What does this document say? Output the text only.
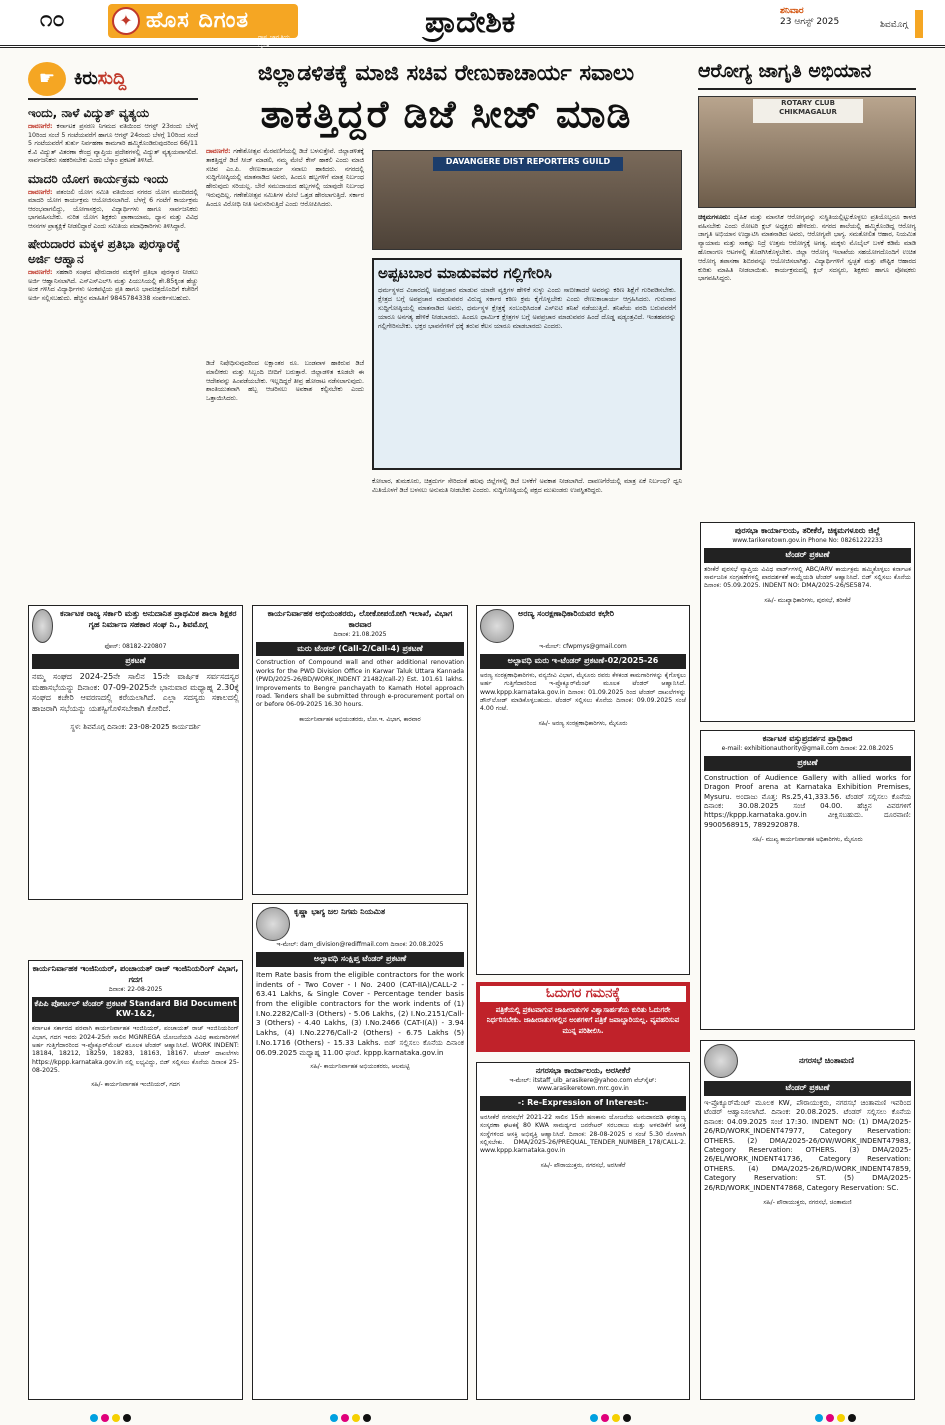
೧೦	✦ ಹೊಸ ದಿಗಂತ
ರಾಷ್ಟ್ರ ಜಾಗೃತಿಯ ದೈನಿಕ
ಪ್ರಾದೇಶಿಕ	ಶನಿವಾರ
23 ಆಗಸ್ಟ್ 2025	ಶಿವಮೊಗ್ಗ
☛	ಕಿರುಸುದ್ದಿ
ಇಂದು, ನಾಳೆ ವಿದ್ಯುತ್ ವ್ಯತ್ಯಯ
ದಾವಣಗೆರೆ: ಕರ್ನಾಟಕ ಪ್ರಸರಣ ನಿಗಮದ ವತಿಯಿಂದ ಆಗಸ್ಟ್ 23ರಂದು ಬೆಳಗ್ಗೆ 10ರಿಂದ ಸಂಜೆ 5 ಗಂಟೆಯವರೆಗೆ ಹಾಗೂ ಆಗಸ್ಟ್ 24ರಂದು ಬೆಳಗ್ಗೆ 10ರಿಂದ ಸಂಜೆ 5 ಗಂಟೆಯವರೆಗೆ ತುರ್ತು ನಿರ್ವಹಣಾ ಕಾಮಗಾರಿ ಹಮ್ಮಿಕೊಂಡಿರುವುದರಿಂದ 66/11 ಕೆ.ವಿ ವಿದ್ಯುತ್ ವಿತರಣಾ ಕೇಂದ್ರ ವ್ಯಾಪ್ತಿಯ ಪ್ರದೇಶಗಳಲ್ಲಿ ವಿದ್ಯುತ್ ವ್ಯತ್ಯಯವಾಗಲಿದೆ. ಸಾರ್ವಜನಿಕರು ಸಹಕರಿಸಬೇಕು ಎಂದು ಬೆಸ್ಕಾಂ ಪ್ರಕಟಣೆ ತಿಳಿಸಿದೆ.
ಮಾದರಿ ಯೋಗ ಕಾರ್ಯಕ್ರಮ ಇಂದು
ದಾವಣಗೆರೆ: ಪತಂಜಲಿ ಯೋಗ ಸಮಿತಿ ವತಿಯಿಂದ ನಗರದ ಯೋಗ ಮಂದಿರದಲ್ಲಿ ಮಾದರಿ ಯೋಗ ಕಾರ್ಯಕ್ರಮ ಆಯೋಜಿಸಲಾಗಿದೆ. ಬೆಳಗ್ಗೆ 6 ಗಂಟೆಗೆ ಕಾರ್ಯಕ್ರಮ ಆರಂಭವಾಗಲಿದ್ದು, ಯೋಗಾಸಕ್ತರು, ವಿದ್ಯಾರ್ಥಿಗಳು ಹಾಗೂ ಸಾರ್ವಜನಿಕರು ಭಾಗವಹಿಸಬೇಕು. ನುರಿತ ಯೋಗ ಶಿಕ್ಷಕರು ಪ್ರಾಣಾಯಾಮ, ಧ್ಯಾನ ಮತ್ತು ವಿವಿಧ ಆಸನಗಳ ಪ್ರಾತ್ಯಕ್ಷಿಕೆ ನೀಡಲಿದ್ದಾರೆ ಎಂದು ಸಮಿತಿಯ ಪದಾಧಿಕಾರಿಗಳು ತಿಳಿಸಿದ್ದಾರೆ.
ಷೇರುದಾರರ ಮಕ್ಕಳ ಪ್ರತಿಭಾ ಪುರಸ್ಕಾರಕ್ಕೆ ಅರ್ಜಿ ಆಹ್ವಾನ
ದಾವಣಗೆರೆ: ಸಹಕಾರಿ ಸಂಘದ ಷೇರುದಾರರ ಮಕ್ಕಳಿಗೆ ಪ್ರತಿಭಾ ಪುರಸ್ಕಾರ ನೀಡಲು ಅರ್ಜಿ ಆಹ್ವಾನಿಸಲಾಗಿದೆ. ಎಸ್‌ಎಸ್‌ಎಲ್‌ಸಿ ಮತ್ತು ಪಿಯುಸಿಯಲ್ಲಿ ಶೇ.85ಕ್ಕಿಂತ ಹೆಚ್ಚು ಅಂಕ ಗಳಿಸಿದ ವಿದ್ಯಾರ್ಥಿಗಳು ಅಂಕಪಟ್ಟಿಯ ಪ್ರತಿ ಹಾಗೂ ಭಾವಚಿತ್ರದೊಂದಿಗೆ ಕಚೇರಿಗೆ ಅರ್ಜಿ ಸಲ್ಲಿಸಬಹುದು. ಹೆಚ್ಚಿನ ಮಾಹಿತಿಗೆ 9845784338 ಸಂಪರ್ಕಿಸಬಹುದು.
ಜಿಲ್ಲಾಡಳಿತಕ್ಕೆ ಮಾಜಿ ಸಚಿವ ರೇಣುಕಾಚಾರ್ಯ ಸವಾಲು
ತಾಕತ್ತಿದ್ದರೆ ಡಿಜೆ ಸೀಜ್ ಮಾಡಿ
ದಾವಣಗೆರೆ: ಗಣೇಶೋತ್ಸವ ಮೆರವಣಿಗೆಯಲ್ಲಿ ಡಿಜೆ ಬಳಸುತ್ತೇವೆ. ಜಿಲ್ಲಾಡಳಿತಕ್ಕೆ ತಾಕತ್ತಿದ್ದರೆ ಡಿಜೆ ಸೀಜ್ ಮಾಡಲಿ, ನಮ್ಮ ಮೇಲೆ ಕೇಸ್ ಹಾಕಲಿ ಎಂದು ಮಾಜಿ ಸಚಿವ ಎಂ.ಪಿ. ರೇಣುಕಾಚಾರ್ಯ ಸವಾಲು ಹಾಕಿದರು. ನಗರದಲ್ಲಿ ಸುದ್ದಿಗೋಷ್ಠಿಯಲ್ಲಿ ಮಾತನಾಡಿದ ಅವರು, ಹಿಂದೂ ಹಬ್ಬಗಳಿಗೆ ಮಾತ್ರ ನಿರ್ಬಂಧ ಹೇರುವುದು ಸರಿಯಲ್ಲ. ಬೇರೆ ಸಮುದಾಯದ ಹಬ್ಬಗಳಲ್ಲಿ ಯಾವುದೇ ನಿರ್ಬಂಧ ಇರುವುದಿಲ್ಲ. ಗಣೇಶೋತ್ಸವ ಸಮಿತಿಗಳ ಮೇಲೆ ಒತ್ತಡ ಹೇರಲಾಗುತ್ತಿದೆ. ಸರ್ಕಾರ ಹಿಂದೂ ವಿರೋಧಿ ನೀತಿ ಅನುಸರಿಸುತ್ತಿದೆ ಎಂದು ಆರೋಪಿಸಿದರು.
DAVANGERE DIST REPORTERS GUILD
ಅಪ್ಪಟಬಾರ ಮಾಡುವವರ ಗಲ್ಲಿಗೇರಿಸಿ
ಧರ್ಮಸ್ಥಳದ ವಿಚಾರದಲ್ಲಿ ಅಪಪ್ರಚಾರ ಮಾಡುವ ಯಾರೇ ವ್ಯಕ್ತಿಗಳ ಹೇಳಿಕೆ ಸುಳ್ಳು ಎಂದು ಸಾಬೀತಾದರೆ ಅವರನ್ನು ಕಠಿಣ ಶಿಕ್ಷೆಗೆ ಗುರಿಪಡಿಸಬೇಕು. ಕ್ಷೇತ್ರದ ಬಗ್ಗೆ ಅಪಪ್ರಚಾರ ಮಾಡುವವರ ವಿರುದ್ಧ ಸರ್ಕಾರ ಕಠಿಣ ಕ್ರಮ ಕೈಗೊಳ್ಳಬೇಕು ಎಂದು ರೇಣುಕಾಚಾರ್ಯ ಆಗ್ರಹಿಸಿದರು. ಗುರುವಾರ ಸುದ್ದಿಗೋಷ್ಠಿಯಲ್ಲಿ ಮಾತನಾಡಿದ ಅವರು, ಧರ್ಮಸ್ಥಳ ಕ್ಷೇತ್ರಕ್ಕೆ ಸಂಬಂಧಿಸಿದಂತೆ ಎಸ್‌ಐಟಿ ತನಿಖೆ ನಡೆಯುತ್ತಿದೆ. ತನಿಖೆಯ ವರದಿ ಬರುವವರೆಗೆ ಯಾರೂ ಅನಗತ್ಯ ಹೇಳಿಕೆ ನೀಡಬಾರದು. ಹಿಂದೂ ಧಾರ್ಮಿಕ ಕ್ಷೇತ್ರಗಳ ಬಗ್ಗೆ ಅಪಪ್ರಚಾರ ಮಾಡುವವರ ಹಿಂದೆ ದೊಡ್ಡ ಷಡ್ಯಂತ್ರವಿದೆ. ಇಂತಹವರನ್ನು ಗಲ್ಲಿಗೇರಿಸಬೇಕು. ಭಕ್ತರ ಭಾವನೆಗಳಿಗೆ ಧಕ್ಕೆ ತರುವ ಕೆಲಸ ಯಾರೂ ಮಾಡಬಾರದು ಎಂದರು.
ಡಿಜೆ ನಿಷೇಧಿಸುವುದರಿಂದ ಲಕ್ಷಾಂತರ ರೂ. ಬಂಡವಾಳ ಹಾಕಿರುವ ಡಿಜೆ ಮಾಲೀಕರು ಮತ್ತು ಸಿಬ್ಬಂದಿ ಬೀದಿಗೆ ಬರುತ್ತಾರೆ. ಜಿಲ್ಲಾಡಳಿತ ಕೂಡಲೇ ಈ ಆದೇಶವನ್ನು ಹಿಂಪಡೆಯಬೇಕು. ಇಲ್ಲದಿದ್ದರೆ ತೀವ್ರ ಹೋರಾಟ ನಡೆಸಲಾಗುವುದು. ಶಾಂತಿಯುತವಾಗಿ ಹಬ್ಬ ಆಚರಿಸಲು ಅವಕಾಶ ಕಲ್ಪಿಸಬೇಕು ಎಂದು ಒತ್ತಾಯಿಸಿದರು.
ಕೋಲಾರ, ತುಮಕೂರು, ಚಿತ್ರದುರ್ಗ ಸೇರಿದಂತೆ ಹಲವು ಜಿಲ್ಲೆಗಳಲ್ಲಿ ಡಿಜೆ ಬಳಕೆಗೆ ಅವಕಾಶ ನೀಡಲಾಗಿದೆ. ದಾವಣಗೆರೆಯಲ್ಲಿ ಮಾತ್ರ ಏಕೆ ನಿರ್ಬಂಧ? ಧ್ವನಿ ಮಿತಿಯೊಳಗೆ ಡಿಜೆ ಬಳಸಲು ಅನುಮತಿ ನೀಡಬೇಕು ಎಂದರು. ಸುದ್ದಿಗೋಷ್ಠಿಯಲ್ಲಿ ಪಕ್ಷದ ಮುಖಂಡರು ಉಪಸ್ಥಿತರಿದ್ದರು.
ಆರೋಗ್ಯ ಜಾಗೃತಿ ಅಭಿಯಾನ
ROTARY CLUB CHIKMAGALUR
ಚಿಕ್ಕಮಗಳೂರು: ದೈಹಿಕ ಮತ್ತು ಮಾನಸಿಕ ಆರೋಗ್ಯವನ್ನು ಸುಸ್ಥಿತಿಯಲ್ಲಿಟ್ಟುಕೊಳ್ಳಲು ಪ್ರತಿಯೊಬ್ಬರೂ ಕಾಳಜಿ ವಹಿಸಬೇಕು ಎಂದು ರೋಟರಿ ಕ್ಲಬ್ ಅಧ್ಯಕ್ಷರು ಹೇಳಿದರು. ನಗರದ ಶಾಲೆಯಲ್ಲಿ ಹಮ್ಮಿಕೊಂಡಿದ್ದ ಆರೋಗ್ಯ ಜಾಗೃತಿ ಅಭಿಯಾನ ಉದ್ಘಾಟಿಸಿ ಮಾತನಾಡಿದ ಅವರು, ಆರೋಗ್ಯವೇ ಭಾಗ್ಯ. ಸಮತೋಲಿತ ಆಹಾರ, ನಿಯಮಿತ ವ್ಯಾಯಾಮ ಮತ್ತು ಸಾಕಷ್ಟು ನಿದ್ರೆ ಉತ್ತಮ ಆರೋಗ್ಯಕ್ಕೆ ಅಗತ್ಯ. ಮಕ್ಕಳು ಮೊಬೈಲ್ ಬಳಕೆ ಕಡಿಮೆ ಮಾಡಿ ಹೊರಾಂಗಣ ಆಟಗಳಲ್ಲಿ ತೊಡಗಿಸಿಕೊಳ್ಳಬೇಕು. ಜಿಲ್ಲಾ ಆರೋಗ್ಯ ಇಲಾಖೆಯ ಸಹಯೋಗದೊಂದಿಗೆ ಉಚಿತ ಆರೋಗ್ಯ ತಪಾಸಣಾ ಶಿಬಿರವನ್ನೂ ಆಯೋಜಿಸಲಾಗಿತ್ತು. ವಿದ್ಯಾರ್ಥಿಗಳಿಗೆ ಸ್ವಚ್ಛತೆ ಮತ್ತು ಪೌಷ್ಟಿಕ ಆಹಾರದ ಕುರಿತು ಮಾಹಿತಿ ನೀಡಲಾಯಿತು. ಕಾರ್ಯಕ್ರಮದಲ್ಲಿ ಕ್ಲಬ್ ಸದಸ್ಯರು, ಶಿಕ್ಷಕರು ಹಾಗೂ ಪೋಷಕರು ಭಾಗವಹಿಸಿದ್ದರು.
ಕರ್ನಾಟಕ ರಾಜ್ಯ ಸರ್ಕಾರಿ ಮತ್ತು ಅನುದಾನಿತ ಪ್ರಾಥಮಿಕ ಶಾಲಾ ಶಿಕ್ಷಕರ ಗೃಹ ನಿರ್ಮಾಣ ಸಹಕಾರ ಸಂಘ ನಿ., ಶಿವಮೊಗ್ಗ
ಫೋನ್: 08182-220807
ಪ್ರಕಟಣೆ
ನಮ್ಮ ಸಂಘದ 2024-25ನೇ ಸಾಲಿನ 15ನೇ ವಾರ್ಷಿಕ ಸರ್ವಸದಸ್ಯರ ಮಹಾಸಭೆಯನ್ನು ದಿನಾಂಕ: 07-09-2025ನೇ ಭಾನುವಾರ ಮಧ್ಯಾಹ್ನ 2.30ಕ್ಕೆ ಸಂಘದ ಕಚೇರಿ ಆವರಣದಲ್ಲಿ ಕರೆಯಲಾಗಿದೆ. ಎಲ್ಲಾ ಸದಸ್ಯರು ಸಕಾಲದಲ್ಲಿ ಹಾಜರಾಗಿ ಸಭೆಯನ್ನು ಯಶಸ್ವಿಗೊಳಿಸಬೇಕಾಗಿ ಕೋರಿದೆ.
ಸ್ಥಳ: ಶಿವಮೊಗ್ಗ ದಿನಾಂಕ: 23-08-2025 ಕಾರ್ಯದರ್ಶಿ
ಕಾರ್ಯನಿರ್ವಾಹಕ ಅಭಿಯಂತರರು, ಲೋಕೋಪಯೋಗಿ ಇಲಾಖೆ, ವಿಭಾಗ ಕಾರವಾರ
ದಿನಾಂಕ: 21.08.2025
ಮರು ಟೆಂಡರ್ (Call-2/Call-4) ಪ್ರಕಟಣೆ
Construction of Compound wall and other additional renovation works for the PWD Division Office in Karwar Taluk Uttara Kannada (PWD/2025-26/BD/WORK_INDENT 21482/call-2) Est. 101.61 lakhs. Improvements to Bengre panchayath to Kamath Hotel approach road. Tenders shall be submitted through e-procurement portal on or before 06-09-2025 16.30 hours.
ಕಾರ್ಯನಿರ್ವಾಹಕ ಅಭಿಯಂತರರು, ಲೋ.ಇ. ವಿಭಾಗ, ಕಾರವಾರ
ಅರಣ್ಯ ಸಂರಕ್ಷಣಾಧಿಕಾರಿಯವರ ಕಛೇರಿ
ಇ-ಮೇಲ್: cfwpmys@gmail.com
ಅಲ್ಪಾವಧಿ ಮರು ಇ-ಟೆಂಡರ್ ಪ್ರಕಟಣೆ-02/2025-26
ಅರಣ್ಯ ಸಂರಕ್ಷಣಾಧಿಕಾರಿಗಳು, ವನ್ಯಜೀವಿ ವಿಭಾಗ, ಮೈಸೂರು ರವರು ಕೆಳಕಂಡ ಕಾಮಗಾರಿಗಳನ್ನು ಕೈಗೊಳ್ಳಲು ಅರ್ಹ ಗುತ್ತಿಗೆದಾರರಿಂದ ಇ-ಪ್ರೊಕ್ಯೂರ್‌ಮೆಂಟ್ ಮೂಲಕ ಟೆಂಡರ್ ಆಹ್ವಾನಿಸಿದೆ. www.kppp.karnataka.gov.in ದಿನಾಂಕ: 01.09.2025 ರಿಂದ ಟೆಂಡರ್ ದಾಖಲೆಗಳನ್ನು ಡೌನ್‌ಲೋಡ್ ಮಾಡಿಕೊಳ್ಳಬಹುದು. ಟೆಂಡರ್ ಸಲ್ಲಿಸಲು ಕೊನೆಯ ದಿನಾಂಕ: 09.09.2025 ಸಂಜೆ 4.00 ಗಂಟೆ.
ಸಹಿ/- ಅರಣ್ಯ ಸಂರಕ್ಷಣಾಧಿಕಾರಿಗಳು, ಮೈಸೂರು
ಪುರಸಭಾ ಕಾರ್ಯಾಲಯ, ತರೀಕೆರೆ, ಚಿಕ್ಕಮಗಳೂರು ಜಿಲ್ಲೆ
www.tarikeretown.gov.in Phone No: 08261222233
ಟೆಂಡರ್ ಪ್ರಕಟಣೆ
ತರೀಕೆರೆ ಪುರಸಭೆ ವ್ಯಾಪ್ತಿಯ ವಿವಿಧ ವಾರ್ಡ್‌ಗಳಲ್ಲಿ ABC/ARV ಕಾರ್ಯಕ್ರಮ ಹಮ್ಮಿಕೊಳ್ಳಲು ಕರ್ನಾಟಕ ಸಾರ್ವಜನಿಕ ಸಂಗ್ರಹಣೆಗಳಲ್ಲಿ ಪಾರದರ್ಶಕತೆ ಕಾಯ್ದೆಯಡಿ ಟೆಂಡರ್ ಆಹ್ವಾನಿಸಿದೆ. ಬಿಡ್ ಸಲ್ಲಿಸಲು ಕೊನೆಯ ದಿನಾಂಕ: 05.09.2025. INDENT NO: DMA/2025-26/SE5874.
ಸಹಿ/- ಮುಖ್ಯಾಧಿಕಾರಿಗಳು, ಪುರಸಭೆ, ತರೀಕೆರೆ
ಕರ್ನಾಟಕ ವಸ್ತುಪ್ರದರ್ಶನ ಪ್ರಾಧಿಕಾರ
e-mail: exhibitionauthority@gmail.com ದಿನಾಂಕ: 22.08.2025
ಪ್ರಕಟಣೆ
Construction of Audience Gallery with allied works for Dragon Proof arena at Karnataka Exhibition Premises, Mysuru. ಅಂದಾಜು ಮೊತ್ತ: Rs.25,41,333.56. ಟೆಂಡರ್ ಸಲ್ಲಿಸಲು ಕೊನೆಯ ದಿನಾಂಕ: 30.08.2025 ಸಂಜೆ 04.00. ಹೆಚ್ಚಿನ ವಿವರಗಳಿಗೆ https://kppp.karnataka.gov.in ವೀಕ್ಷಿಸಬಹುದು. ದೂರವಾಣಿ: 9900568915, 7892920878.
ಸಹಿ/- ಮುಖ್ಯ ಕಾರ್ಯನಿರ್ವಾಹಕ ಅಧಿಕಾರಿಗಳು, ಮೈಸೂರು
ಕಾರ್ಯನಿರ್ವಾಹಕ ಇಂಜಿನಿಯರ್, ಪಂಚಾಯತ್ ರಾಜ್ ಇಂಜಿನಿಯರಿಂಗ್ ವಿಭಾಗ, ಗದಗ
ದಿನಾಂಕ: 22-08-2025
ಕೆಪಿಪಿ ಪೋರ್ಟಲ್ ಟೆಂಡರ್ ಪ್ರಕಟಣೆ Standard Bid Document KW-1&2,
ಕರ್ನಾಟಕ ಸರ್ಕಾರದ ಪರವಾಗಿ ಕಾರ್ಯನಿರ್ವಾಹಕ ಇಂಜಿನಿಯರ್, ಪಂಚಾಯತ್ ರಾಜ್ ಇಂಜಿನಿಯರಿಂಗ್ ವಿಭಾಗ, ಗದಗ ಇವರು 2024-25ನೇ ಸಾಲಿನ MGNREGA ಯೋಜನೆಯಡಿ ವಿವಿಧ ಕಾಮಗಾರಿಗಳಿಗೆ ಅರ್ಹ ಗುತ್ತಿಗೆದಾರರಿಂದ ಇ-ಪ್ರೊಕ್ಯೂರ್‌ಮೆಂಟ್ ಮೂಲಕ ಟೆಂಡರ್ ಆಹ್ವಾನಿಸಿದೆ. WORK INDENT: 18184, 18212, 18259, 18283, 18163, 18167. ಟೆಂಡರ್ ದಾಖಲೆಗಳು https://kppp.karnataka.gov.in ನಲ್ಲಿ ಲಭ್ಯವಿದ್ದು, ಬಿಡ್ ಸಲ್ಲಿಸಲು ಕೊನೆಯ ದಿನಾಂಕ 25-08-2025.
ಸಹಿ/- ಕಾರ್ಯನಿರ್ವಾಹಕ ಇಂಜಿನಿಯರ್, ಗದಗ
ಕೃಷ್ಣಾ ಭಾಗ್ಯ ಜಲ ನಿಗಮ ನಿಯಮಿತ
ಇ-ಮೇಲ್: dam_division@rediffmail.com ದಿನಾಂಕ: 20.08.2025
ಅಲ್ಪಾವಧಿ ಸಂಕ್ಷಿಪ್ತ ಟೆಂಡರ್ ಪ್ರಕಟಣೆ
Item Rate basis from the eligible contractors for the work indents of - Two Cover - I No. 2400 (CAT-IIA)/CALL-2 - 63.41 Lakhs, & Single Cover - Percentage tender basis from the eligible contractors for the work indents of (1) I.No.2282/Call-3 (Others) - 5.06 Lakhs, (2) I.No.2151/Call-3 (Others) - 4.40 Lakhs, (3) I.No.2466 (CAT-I(A)) - 3.94 Lakhs, (4) I.No.2276/Call-2 (Others) - 6.75 Lakhs (5) I.No.1716 (Others) - 15.33 Lakhs. ಬಿಡ್ ಸಲ್ಲಿಸಲು ಕೊನೆಯ ದಿನಾಂಕ 06.09.2025 ಮಧ್ಯಾಹ್ನ 11.00 ಘಂಟೆ. kppp.karnataka.gov.in
ಸಹಿ/- ಕಾರ್ಯನಿರ್ವಾಹಕ ಅಭಿಯಂತರರು, ಆಲಮಟ್ಟಿ
ಓದುಗರ ಗಮನಕ್ಕೆ
ಪತ್ರಿಕೆಯಲ್ಲಿ ಪ್ರಕಟವಾಗುವ ಜಾಹೀರಾತುಗಳ ವಿಶ್ವಾಸಾರ್ಹತೆಯ ಕುರಿತು ಓದುಗರೇ ನಿರ್ಧರಿಸಬೇಕು. ಜಾಹೀರಾತುಗಳಲ್ಲಿನ ಅಂಶಗಳಿಗೆ ಪತ್ರಿಕೆ ಜವಾಬ್ದಾರಿಯಲ್ಲ. ವ್ಯವಹರಿಸುವ ಮುನ್ನ ಪರಿಶೀಲಿಸಿ.
ನಗರಸಭಾ ಕಾರ್ಯಾಲಯ, ಅರಸೀಕೆರೆ
ಇ-ಮೇಲ್: itstaff_ulb_arasikere@yahoo.com ವೆಬ್‌ಸೈಟ್: www.arasikeretown.mrc.gov.in
-: Re-Expression of Interest:-
ಅರಸೀಕೆರೆ ನಗರಸಭೆಗೆ 2021-22 ಸಾಲಿನ 15ನೇ ಹಣಕಾಸು ಯೋಜನೆಯ ಅನುದಾನದಡಿ ಘನತ್ಯಾಜ್ಯ ಸಂಸ್ಕರಣಾ ಘಟಕಕ್ಕೆ 80 KWA ಸಾಮರ್ಥ್ಯದ ಜನರೇಟರ್ ಸರಬರಾಜು ಮತ್ತು ಅಳವಡಿಕೆಗೆ ಆಸಕ್ತ ಸಂಸ್ಥೆಗಳಿಂದ ಆಸಕ್ತಿ ಅಭಿವ್ಯಕ್ತಿ ಆಹ್ವಾನಿಸಿದೆ. ದಿನಾಂಕ: 28-08-2025 ರ ಸಂಜೆ 5.30 ರೊಳಗಾಗಿ ಸಲ್ಲಿಸಬೇಕು. DMA/2025-26/PREQUAL_TENDER_NUMBER_178/CALL-2. www.kppp.karnataka.gov.in
ಸಹಿ/- ಪೌರಾಯುಕ್ತರು, ನಗರಸಭೆ, ಅರಸೀಕೆರೆ
ನಗರಸಭೆ ಚಿಂತಾಮಣಿ
ಟೆಂಡರ್ ಪ್ರಕಟಣೆ
ಇ-ಪ್ರೊಕ್ಯೂರ್‌ಮೆಂಟ್ ಮೂಲಕ KW, ಪೌರಾಯುಕ್ತರು, ನಗರಸಭೆ ಚಿಂತಾಮಣಿ ಇವರಿಂದ ಟೆಂಡರ್ ಆಹ್ವಾನಿಸಲಾಗಿದೆ. ದಿನಾಂಕ: 20.08.2025. ಟೆಂಡರ್ ಸಲ್ಲಿಸಲು ಕೊನೆಯ ದಿನಾಂಕ: 04.09.2025 ಸಂಜೆ 17:30. INDENT NO: (1) DMA/2025-26/RD/WORK_INDENT47977, Category Reservation: OTHERS. (2) DMA/2025-26/OW/WORK_INDENT47983, Category Reservation: OTHERS. (3) DMA/2025-26/EL/WORK_INDENT41736, Category Reservation: OTHERS. (4) DMA/2025-26/RD/WORK_INDENT47859, Category Reservation: ST. (5) DMA/2025-26/RD/WORK_INDENT47868, Category Reservation: SC.
ಸಹಿ/- ಪೌರಾಯುಕ್ತರು, ನಗರಸಭೆ, ಚಿಂತಾಮಣಿ
